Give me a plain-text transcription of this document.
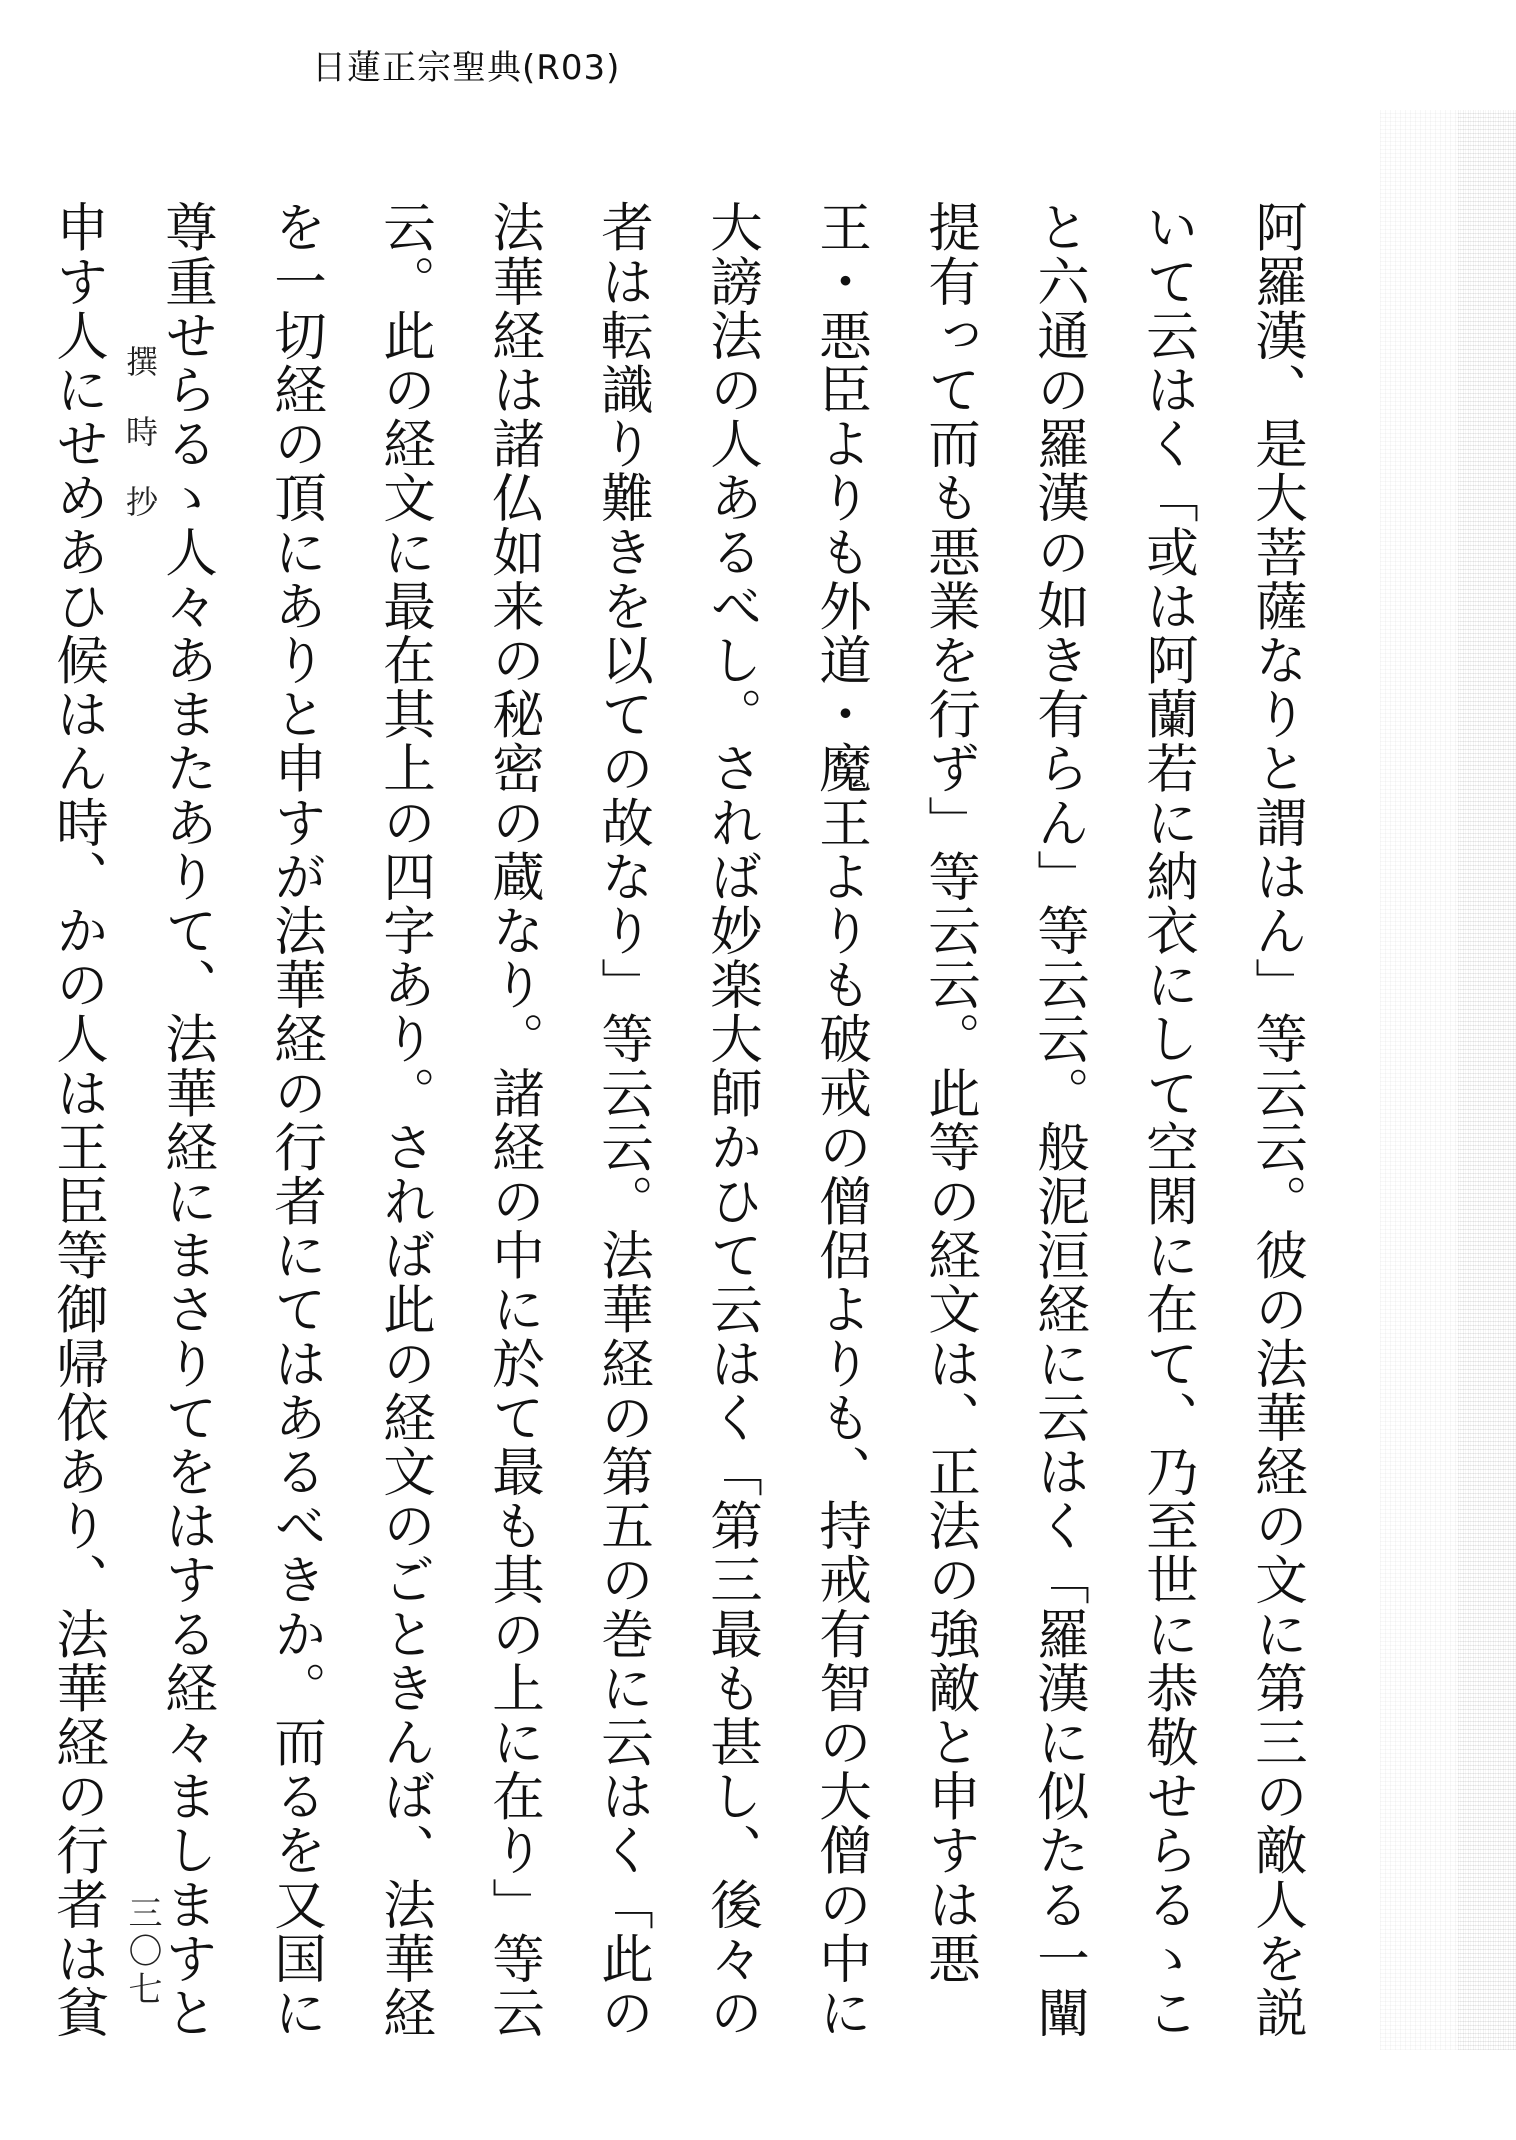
日蓮正宗聖典(R03)
撰時抄
三〇七

阿羅漢、是大菩薩なりと謂はん」等云云。彼の法華経の文に第三の敵人を説いて云はく「或は阿蘭若に納衣にして空閑に在て、乃至世に恭敬せらるゝこと六通の羅漢の如き有らん」等云云。般泥洹経に云はく「羅漢に似たる一闡提有って而も悪業を行ず」等云云。此等の経文は、正法の強敵と申すは悪王・悪臣よりも外道・魔王よりも破戒の僧侶よりも、持戒有智の大僧の中に大謗法の人あるべし。されば妙楽大師かひて云はく「第三最も甚し、後々の者は転識り難きを以ての故なり」等云云。法華経の第五の巻に云はく「此の法華経は諸仏如来の秘密の蔵なり。諸経の中に於て最も其の上に在り」等云云。此の経文に最在其上の四字あり。されば此の経文のごときんば、法華経を一切経の頂にありと申すが法華経の行者にてはあるべきか。而るを又国に尊重せらるゝ人々あまたありて、法華経にまさりてをはする経々ましますと申す人にせめあひ候はん時、かの人は王臣等御帰依あり、法華経の行者は貧
